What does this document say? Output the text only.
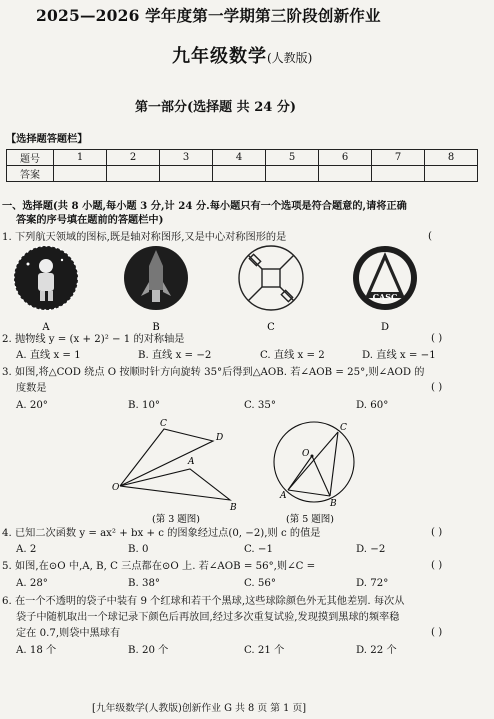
2025—2026 学年度第一学期第三阶段创新作业
九年级数学(人教版)
第一部分(选择题 共 24 分)
【选择题答题栏】
题号	1	2	3	4	5	6	7	8
答案								
一、选择题(共 8 小题,每小题 3 分,计 24 分.每小题只有一个选项是符合题意的,请将正确
答案的序号填在题前的答题栏中)
1. 下列航天领域的图标,既是轴对称图形,又是中心对称图形的是	(
CASC
A	B	C	D
2. 抛物线 y = (x + 2)² − 1 的对称轴是	( )
A. 直线 x = 1	B. 直线 x = −2	C. 直线 x = 2	D. 直线 x = −1
3. 如图,将△COD 绕点 O 按顺时针方向旋转 35°后得到△AOB. 若∠AOB = 25°,则∠AOD 的
度数是	( )
A. 20°	B. 10°	C. 35°	D. 60°
C
D
A
O
B
(第 3 题图)
C
O
A
B
(第 5 题图)
4. 已知二次函数 y = ax² + bx + c 的图象经过点(0, −2),则 c 的值是	( )
A. 2	B. 0	C. −1	D. −2
5. 如图,在⊙O 中,A, B, C 三点都在⊙O 上. 若∠AOB = 56°,则∠C =	( )
A. 28°	B. 38°	C. 56°	D. 72°
6. 在一个不透明的袋子中装有 9 个红球和若干个黑球,这些球除颜色外无其他差别. 每次从
袋子中随机取出一个球记录下颜色后再放回,经过多次重复试验,发现摸到黑球的频率稳
定在 0.7,则袋中黑球有	( )
A. 18 个	B. 20 个	C. 21 个	D. 22 个
[九年级数学(人教版)创新作业 G 共 8 页 第 1 页]
